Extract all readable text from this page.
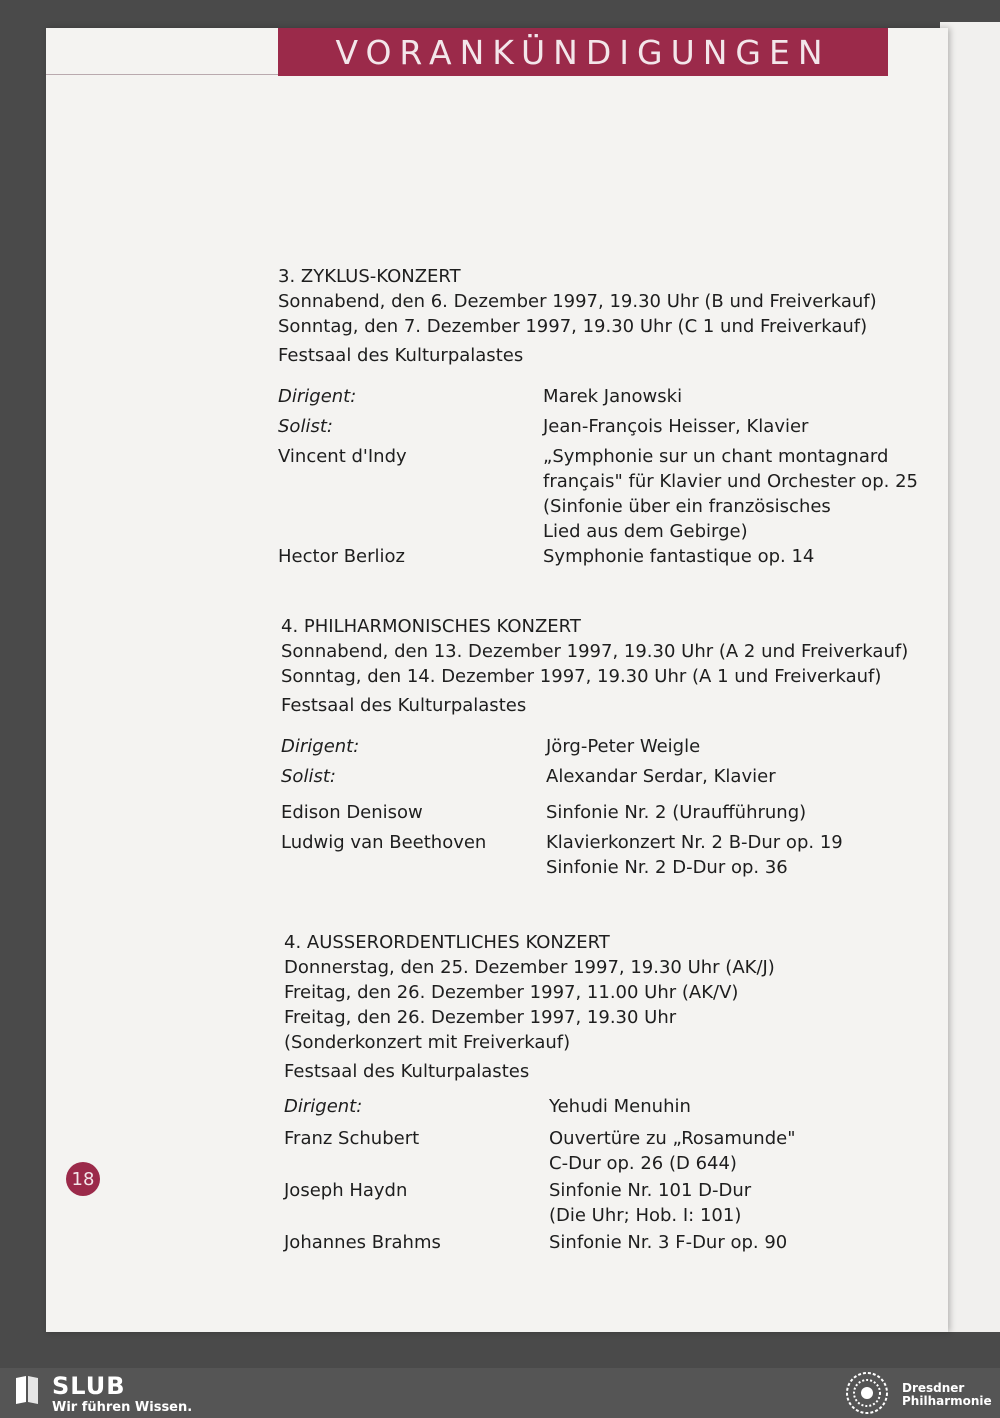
VORANKÜNDIGUNGEN
3. ZYKLUS-KONZERT
Sonnabend, den 6. Dezember 1997, 19.30 Uhr (B und Freiverkauf)
Sonntag, den 7. Dezember 1997, 19.30 Uhr (C 1 und Freiverkauf)
Festsaal des Kulturpalastes
Dirigent:	Marek Janowski
Solist:	Jean-François Heisser, Klavier
Vincent d'Indy	„Symphonie sur un chant montagnard
français" für Klavier und Orchester op. 25
(Sinfonie über ein französisches
Lied aus dem Gebirge)
Hector Berlioz	Symphonie fantastique op. 14
4. PHILHARMONISCHES KONZERT
Sonnabend, den 13. Dezember 1997, 19.30 Uhr (A 2 und Freiverkauf)
Sonntag, den 14. Dezember 1997, 19.30 Uhr (A 1 und Freiverkauf)
Festsaal des Kulturpalastes
Dirigent:	Jörg-Peter Weigle
Solist:	Alexandar Serdar, Klavier
Edison Denisow	Sinfonie Nr. 2 (Uraufführung)
Ludwig van Beethoven	Klavierkonzert Nr. 2 B-Dur op. 19
Sinfonie Nr. 2 D-Dur op. 36
4. AUSSERORDENTLICHES KONZERT
Donnerstag, den 25. Dezember 1997, 19.30 Uhr (AK/J)
Freitag, den 26. Dezember 1997, 11.00 Uhr (AK/V)
Freitag, den 26. Dezember 1997, 19.30 Uhr
(Sonderkonzert mit Freiverkauf)
Festsaal des Kulturpalastes
Dirigent:	Yehudi Menuhin
Franz Schubert	Ouvertüre zu „Rosamunde"
C-Dur op. 26 (D 644)
Joseph Haydn	Sinfonie Nr. 101 D-Dur
(Die Uhr; Hob. I: 101)
Johannes Brahms	Sinfonie Nr. 3 F-Dur op. 90
18
SLUB
Wir führen Wissen.
Dresdner
Philharmonie
